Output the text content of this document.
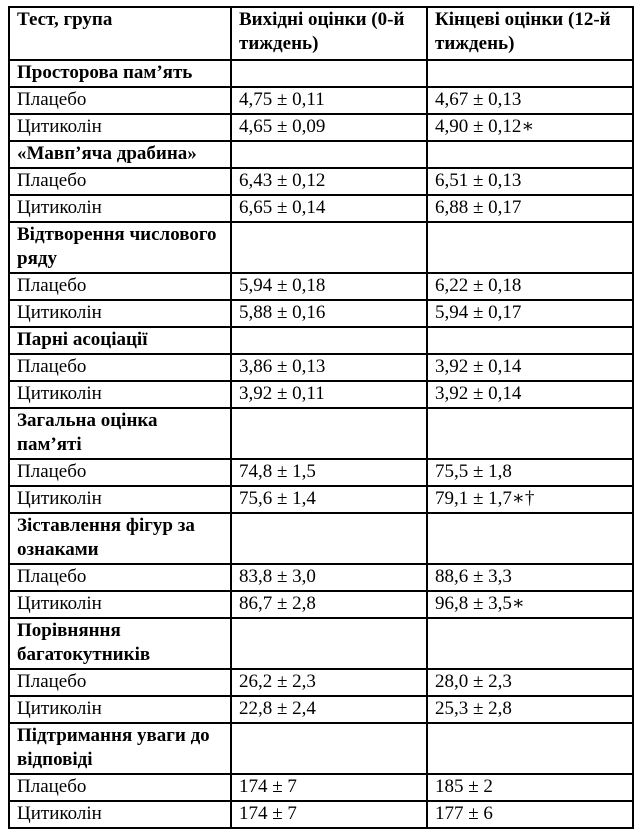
Тест, група	Вихідні оцінки (0-й тиждень)	Кінцеві оцінки (12-й тиждень)
Просторова пам’ять		
Плацебо	4,75 ± 0,11	4,67 ± 0,13
Цитиколін	4,65 ± 0,09	4,90 ± 0,12∗
«Мавп’яча драбина»		
Плацебо	6,43 ± 0,12	6,51 ± 0,13
Цитиколін	6,65 ± 0,14	6,88 ± 0,17
Відтворення числового ряду		
Плацебо	5,94 ± 0,18	6,22 ± 0,18
Цитиколін	5,88 ± 0,16	5,94 ± 0,17
Парні асоціації		
Плацебо	3,86 ± 0,13	3,92 ± 0,14
Цитиколін	3,92 ± 0,11	3,92 ± 0,14
Загальна оцінка пам’яті		
Плацебо	74,8 ± 1,5	75,5 ± 1,8
Цитиколін	75,6 ± 1,4	79,1 ± 1,7∗†
Зіставлення фігур за ознаками		
Плацебо	83,8 ± 3,0	88,6 ± 3,3
Цитиколін	86,7 ± 2,8	96,8 ± 3,5∗
Порівняння багатокутників		
Плацебо	26,2 ± 2,3	28,0 ± 2,3
Цитиколін	22,8 ± 2,4	25,3 ± 2,8
Підтримання уваги до відповіді		
Плацебо	174 ± 7	185 ± 2
Цитиколін	174 ± 7	177 ± 6
